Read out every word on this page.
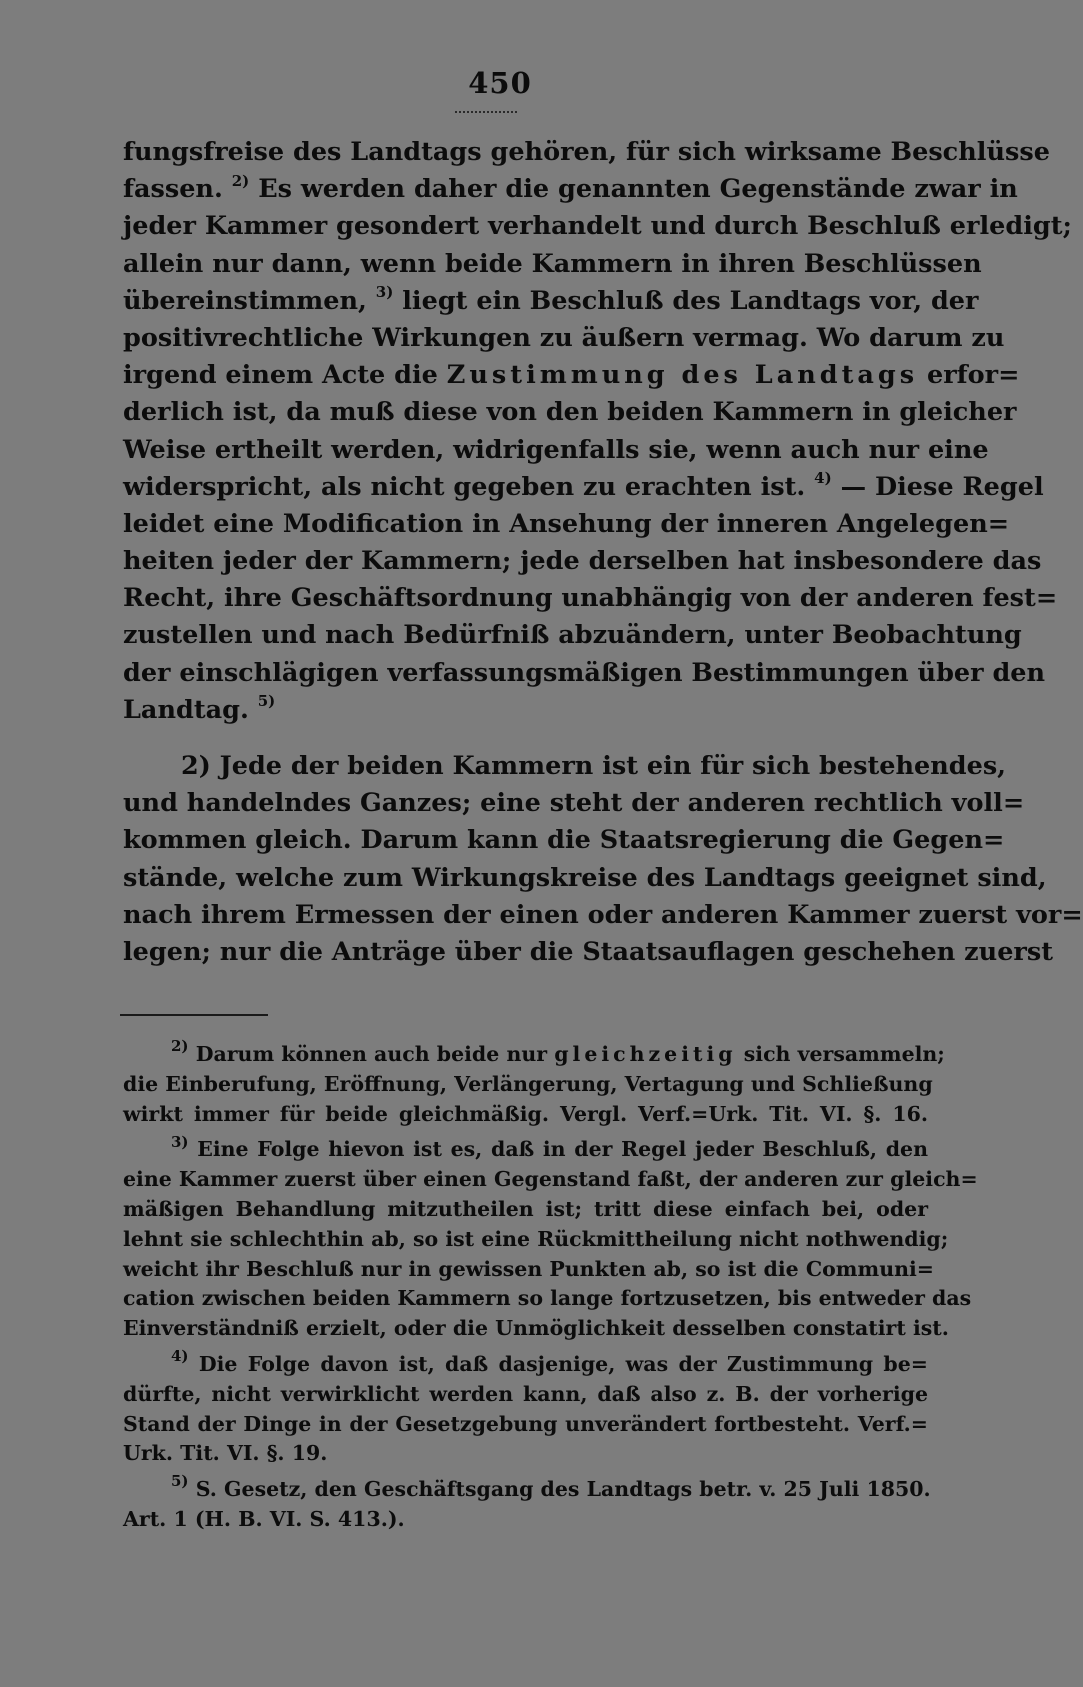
450
fungsfreise des Landtags gehören, für sich wirksame Beschlüsse
fassen. $^{2)}$ Es werden daher die genannten Gegenstände zwar in
jeder Kammer gesondert verhandelt und durch Beschluß erledigt;
allein nur dann, wenn beide Kammern in ihren Beschlüssen
übereinstimmen, $^{3)}$ liegt ein Beschluß des Landtags vor, der
positivrechtliche Wirkungen zu äußern vermag. Wo darum zu
irgend einem Acte die Zustimmung des Landtags erfor=
derlich ist, da muß diese von den beiden Kammern in gleicher
Weise ertheilt werden, widrigenfalls sie, wenn auch nur eine
widerspricht, als nicht gegeben zu erachten ist. $^{4)}$ — Diese Regel
leidet eine Modification in Ansehung der inneren Angelegen=
heiten jeder der Kammern; jede derselben hat insbesondere das
Recht, ihre Geschäftsordnung unabhängig von der anderen fest=
zustellen und nach Bedürfniß abzuändern, unter Beobachtung
der einschlägigen verfassungsmäßigen Bestimmungen über den
Landtag. $^{5)}$
2) Jede der beiden Kammern ist ein für sich bestehendes,
und handelndes Ganzes; eine steht der anderen rechtlich voll=
kommen gleich. Darum kann die Staatsregierung die Gegen=
stände, welche zum Wirkungskreise des Landtags geeignet sind,
nach ihrem Ermessen der einen oder anderen Kammer zuerst vor=
legen; nur die Anträge über die Staatsauflagen geschehen zuerst
$^{2)}$ Darum können auch beide nur gleichzeitig sich versammeln;
die Einberufung, Eröffnung, Verlängerung, Vertagung und Schließung
wirkt immer für beide gleichmäßig. Vergl. Verf.=Urk. Tit. VI. §. 16.
$^{3)}$ Eine Folge hievon ist es, daß in der Regel jeder Beschluß, den
eine Kammer zuerst über einen Gegenstand faßt, der anderen zur gleich=
mäßigen Behandlung mitzutheilen ist; tritt diese einfach bei, oder
lehnt sie schlechthin ab, so ist eine Rückmittheilung nicht nothwendig;
weicht ihr Beschluß nur in gewissen Punkten ab, so ist die Communi=
cation zwischen beiden Kammern so lange fortzusetzen, bis entweder das
Einverständniß erzielt, oder die Unmöglichkeit desselben constatirt ist.
$^{4)}$ Die Folge davon ist, daß dasjenige, was der Zustimmung be=
dürfte, nicht verwirklicht werden kann, daß also z. B. der vorherige
Stand der Dinge in der Gesetzgebung unverändert fortbesteht. Verf.=
Urk. Tit. VI. §. 19.
$^{5)}$ S. Gesetz, den Geschäftsgang des Landtags betr. v. 25 Juli 1850.
Art. 1 (H. B. VI. S. 413.).
